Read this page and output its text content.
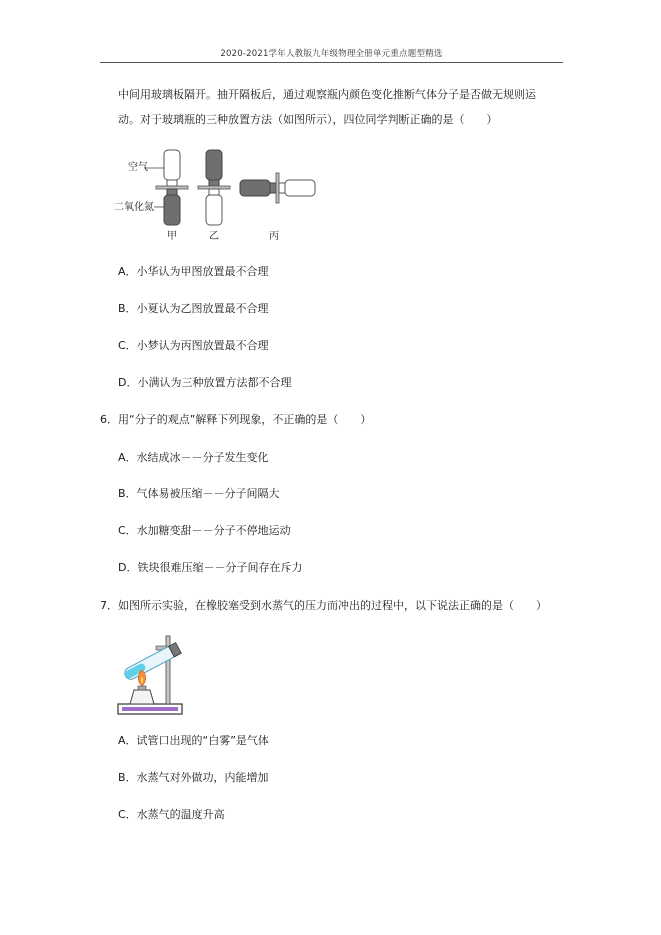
2020-2021学年人教版九年级物理全册单元重点题型精选
中间用玻璃板隔开。抽开隔板后，通过观察瓶内颜色变化推断气体分子是否做无规则运
动。对于玻璃瓶的三种放置方法（如图所示），四位同学判断正确的是（　　）
空气
二氧化氮
甲	乙	丙
A．小华认为甲图放置最不合理
B．小夏认为乙图放置最不合理
C．小梦认为丙图放置最不合理
D．小满认为三种放置方法都不合理
6．用“分子的观点”解释下列现象，不正确的是（　　）
A．水结成冰－－分子发生变化
B．气体易被压缩－－分子间隔大
C．水加糖变甜－－分子不停地运动
D．铁块很难压缩－－分子间存在斥力
7．如图所示实验，在橡胶塞受到水蒸气的压力而冲出的过程中，以下说法正确的是（　　）
A．试管口出现的“白雾”是气体
B．水蒸气对外做功，内能增加
C．水蒸气的温度升高
